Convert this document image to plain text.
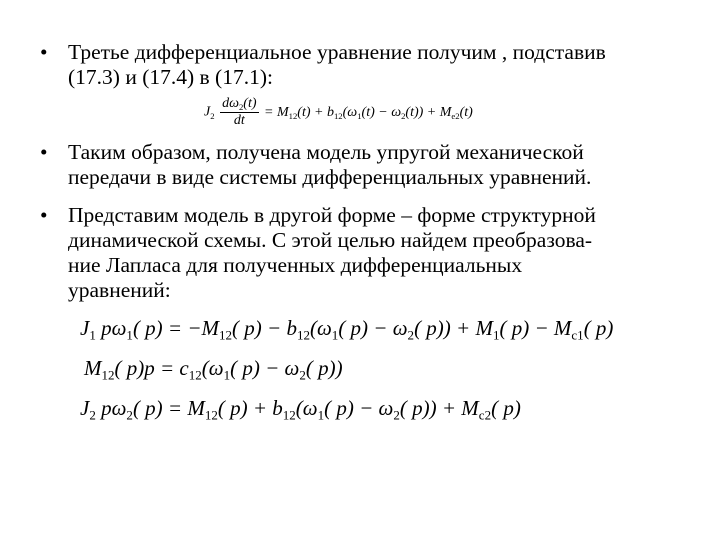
• Третье дифференциальное уравнение получим , подставив
(17.3) и (17.4) в (17.1):
$J_2 \frac{d\omega_2(t)}{dt} = M_{12}(t) + b_{12}(\omega_1(t) - \omega_2(t)) + M_{e2}(t)$
• Таким образом, получена модель упругой механической
передачи в виде системы дифференциальных уравнений.
• Представим модель в другой форме – форме структурной
динамической схемы. С этой целью найдем преобразова-
ние Лапласа для полученных дифференциальных
уравнений:
$J_1$ $p\omega_1$( $p) = -M_{12}$( $p) - b_{12}(\omega_1$( $p) - \omega_2$( $p)) + M_1$( $p) - M_{c1}$( p)
$M_{12}$( $p)p = c_{12}(\omega_1$( $p) - \omega_2$( p))
$J_2$ $p\omega_2$( $p) = M_{12}$( $p) + b_{12}(\omega_1$( $p) - \omega_2$( $p)) + M_{c2}$( p)
